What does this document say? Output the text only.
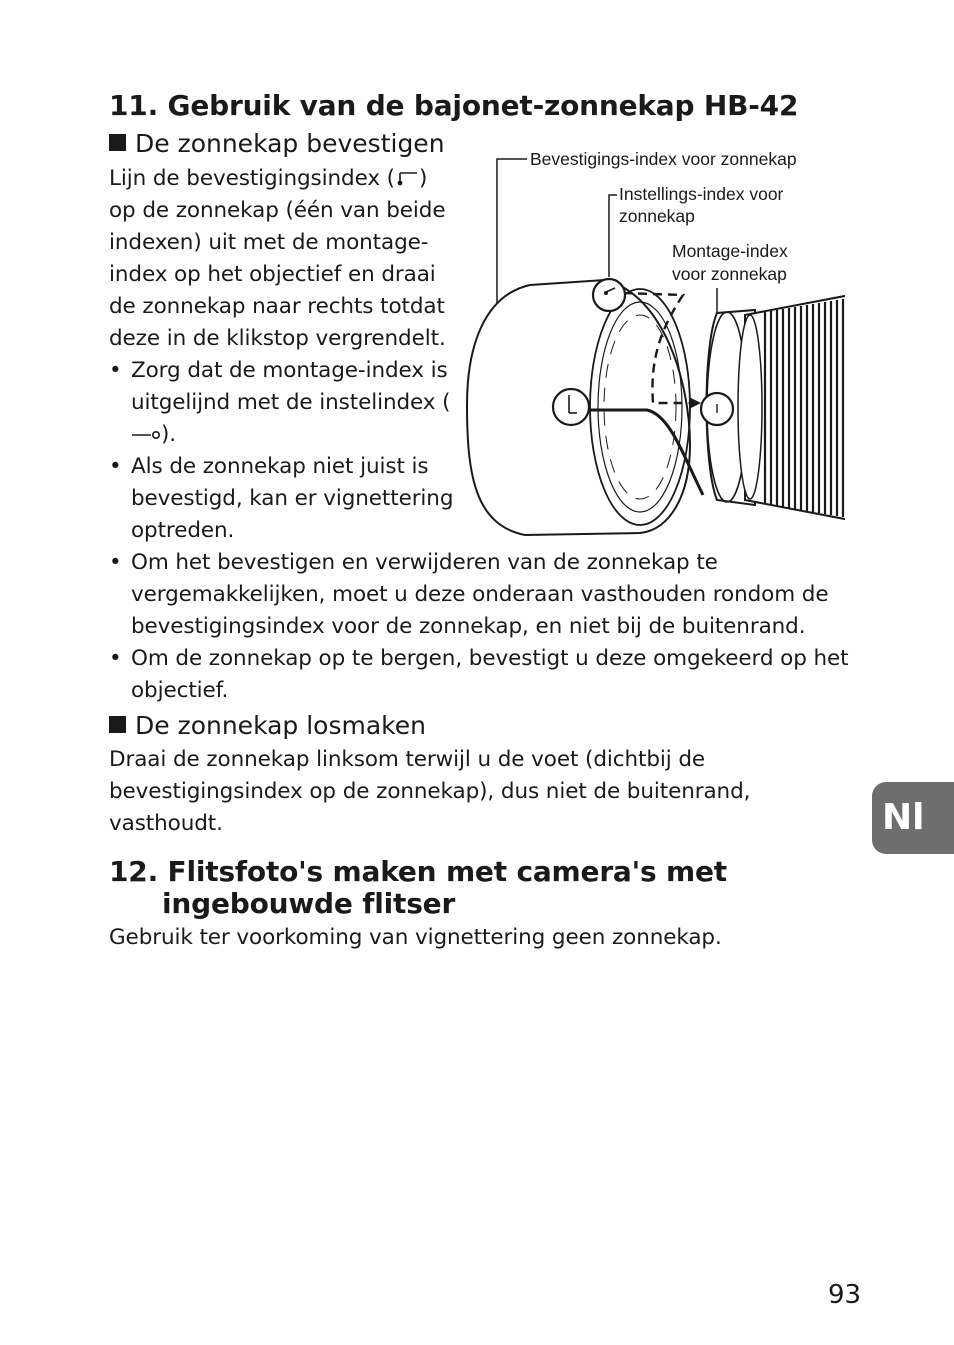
11. Gebruik van de bajonet-zonnekap HB-42
De zonnekap bevestigen
Lijn de bevestigingsindex ( ) op de zonnekap (één van beide indexen) uit met de montage-index op het objectief en draai de zonnekap naar rechts totdat deze in de klikstop vergrendelt.
• Zorg dat de montage-index is uitgelijnd met de instelindex ().
• Als de zonnekap niet juist is bevestigd, kan er vignettering optreden.
• Om het bevestigen en verwijderen van de zonnekap te vergemakkelijken, moet u deze onderaan vasthouden rondom de bevestigingsindex voor de zonnekap, en niet bij de buitenrand.
• Om de zonnekap op te bergen, bevestigt u deze omgekeerd op het objectief.
De zonnekap losmaken
Draai de zonnekap linksom terwijl u de voet (dichtbij de bevestigingsindex op de zonnekap), dus niet de buitenrand, vasthoudt.
12. Flitsfoto's maken met camera's met
ingebouwde flitser
Gebruik ter voorkoming van vignettering geen zonnekap.
Bevestigings-index voor zonnekap
Instellings-index voor
zonnekap
Montage-index
voor zonnekap
Nl
93
